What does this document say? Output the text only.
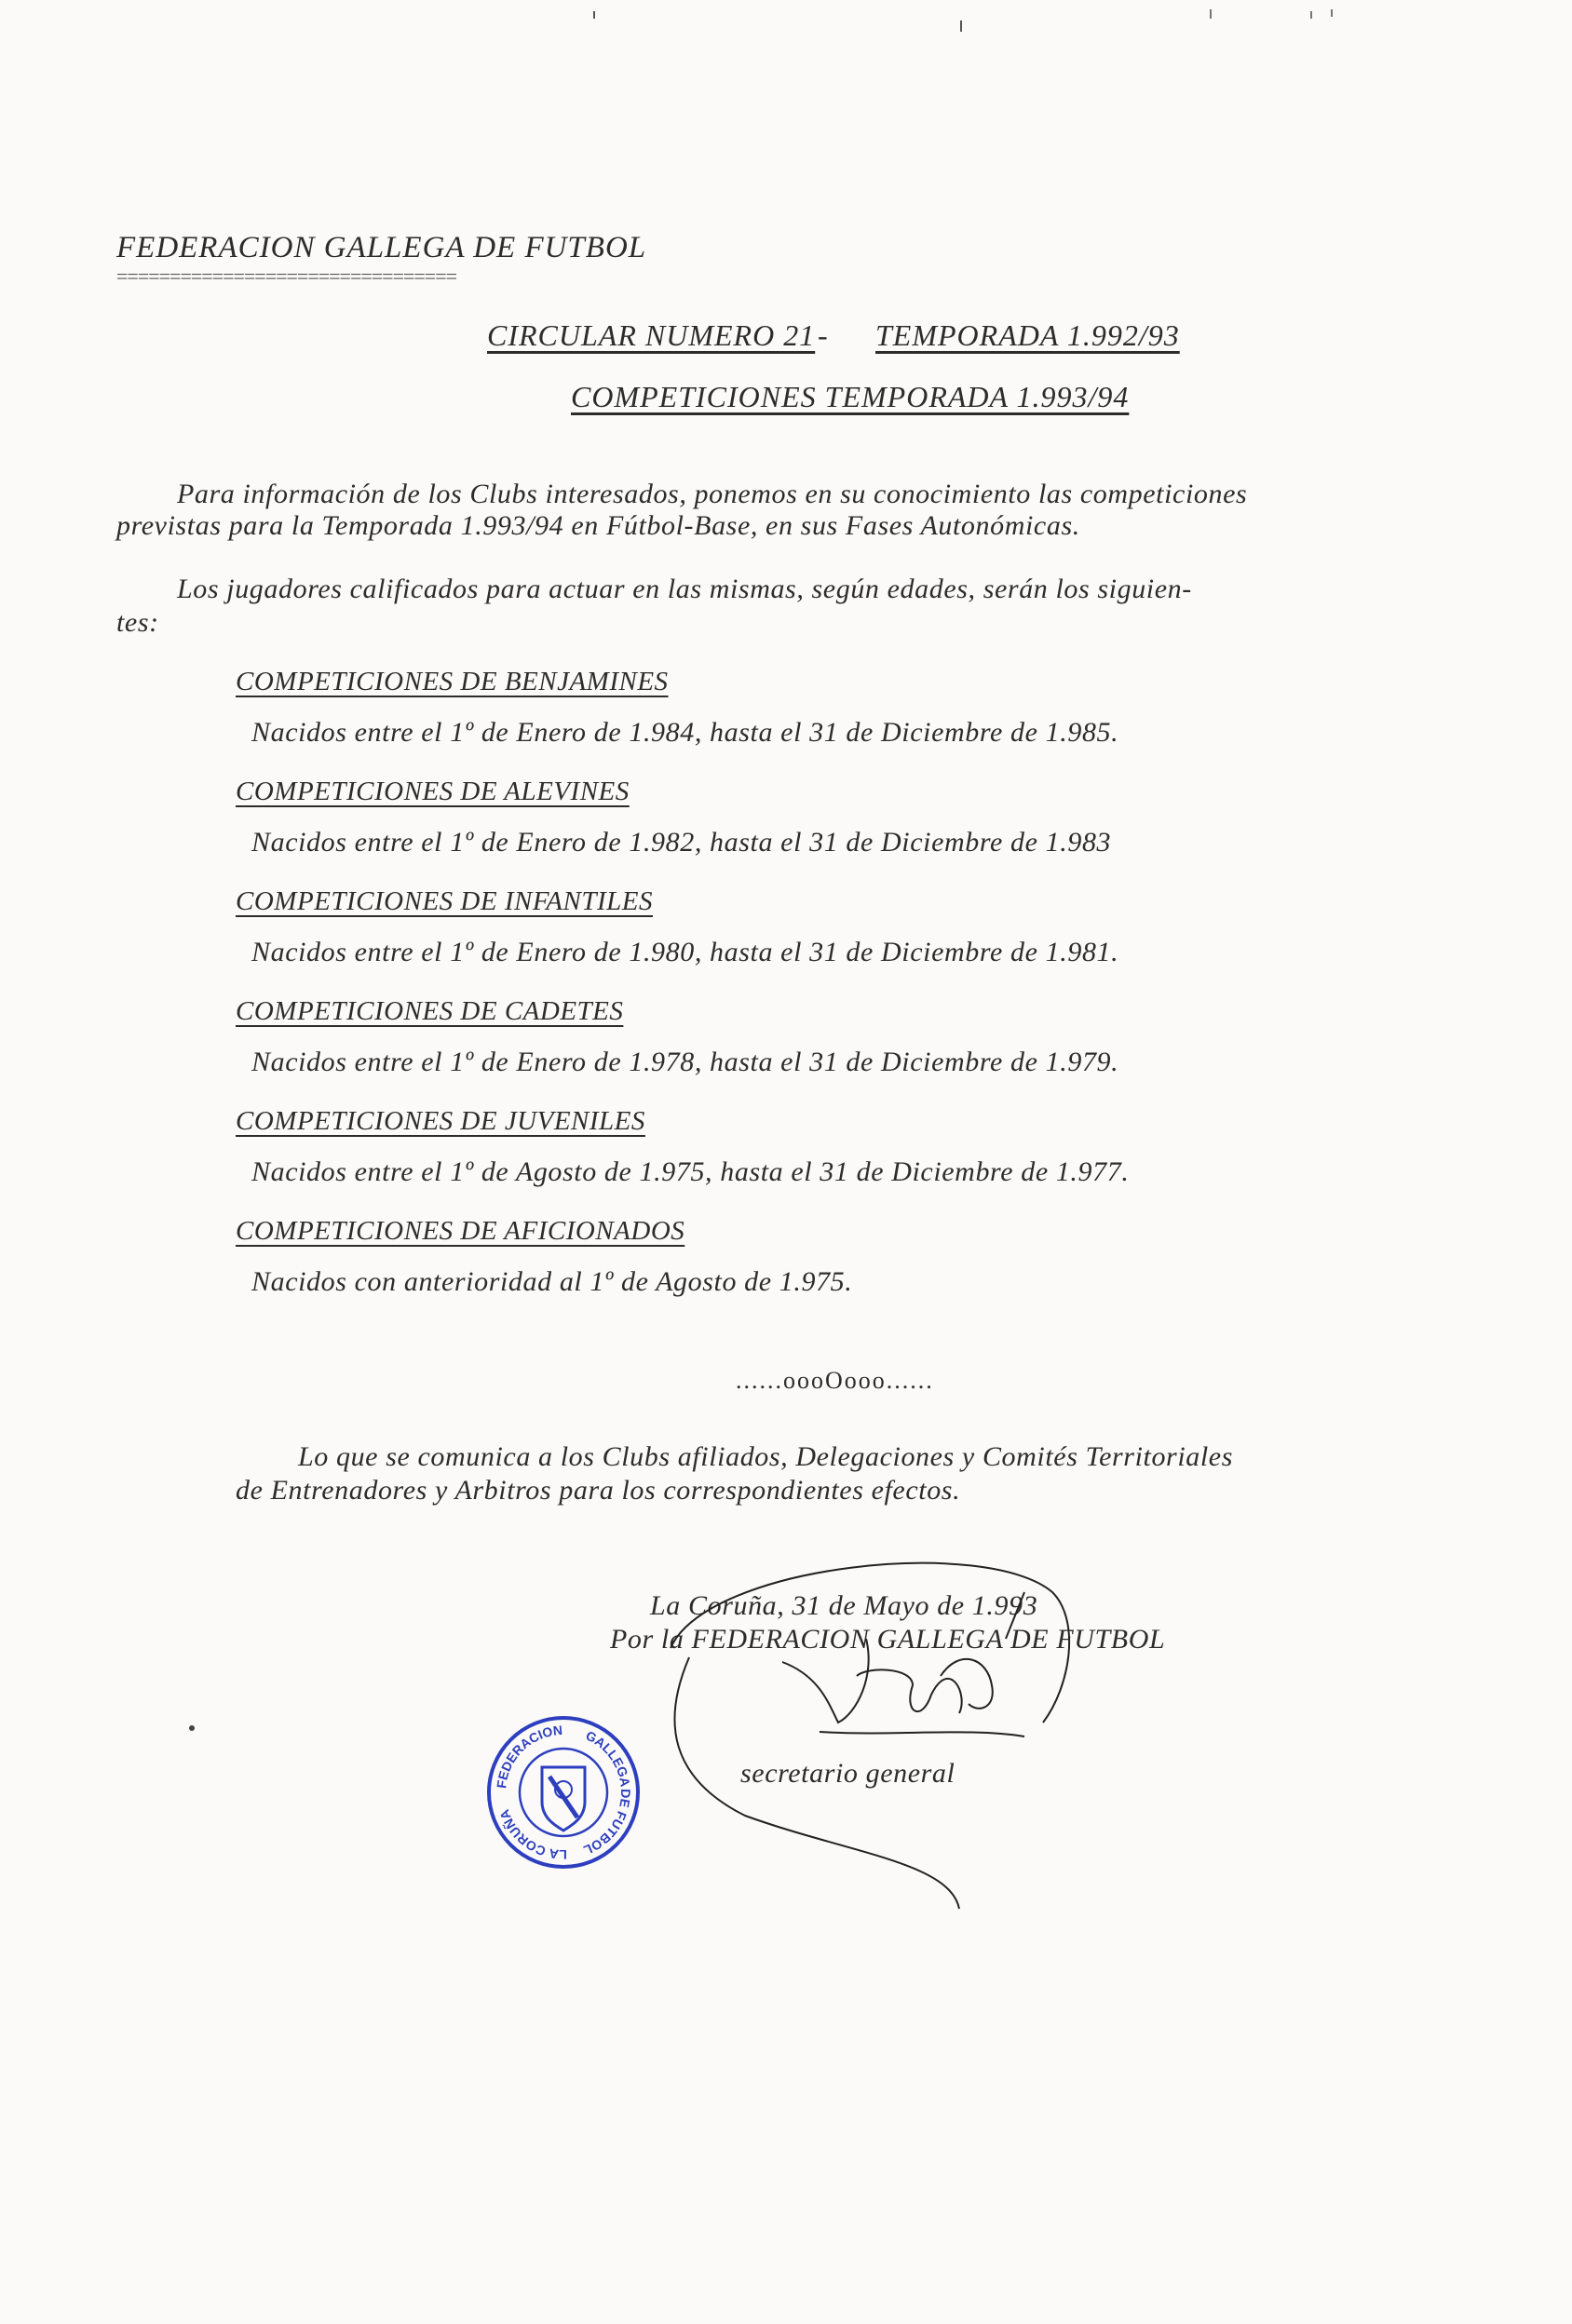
FEDERACION GALLEGA DE FUTBOL
================================
CIRCULAR NUMERO 21 - TEMPORADA 1.992/93
COMPETICIONES TEMPORADA 1.993/94
Para información de los Clubs interesados, ponemos en su conocimiento las competiciones
previstas para la Temporada 1.993/94 en Fútbol-Base, en sus Fases Autonómicas.
Los jugadores calificados para actuar en las mismas, según edades, serán los siguien-
tes:
COMPETICIONES DE BENJAMINES
Nacidos entre el 1º de Enero de 1.984, hasta el 31 de Diciembre de 1.985.
COMPETICIONES DE ALEVINES
Nacidos entre el 1º de Enero de 1.982, hasta el 31 de Diciembre de 1.983
COMPETICIONES DE INFANTILES
Nacidos entre el 1º de Enero de 1.980, hasta el 31 de Diciembre de 1.981.
COMPETICIONES DE CADETES
Nacidos entre el 1º de Enero de 1.978, hasta el 31 de Diciembre de 1.979.
COMPETICIONES DE JUVENILES
Nacidos entre el 1º de Agosto de 1.975, hasta el 31 de Diciembre de 1.977.
COMPETICIONES DE AFICIONADOS
Nacidos con anterioridad al 1º de Agosto de 1.975.
......oooOooo......
Lo que se comunica a los Clubs afiliados, Delegaciones y Comités Territoriales
de Entrenadores y Arbitros para los correspondientes efectos.
La Coruña, 31 de Mayo de 1.993
Por la FEDERACION GALLEGA DE FUTBOL
secretario general
FEDERACION GALLEGA
DE FUTBOL
LA CORUÑA
